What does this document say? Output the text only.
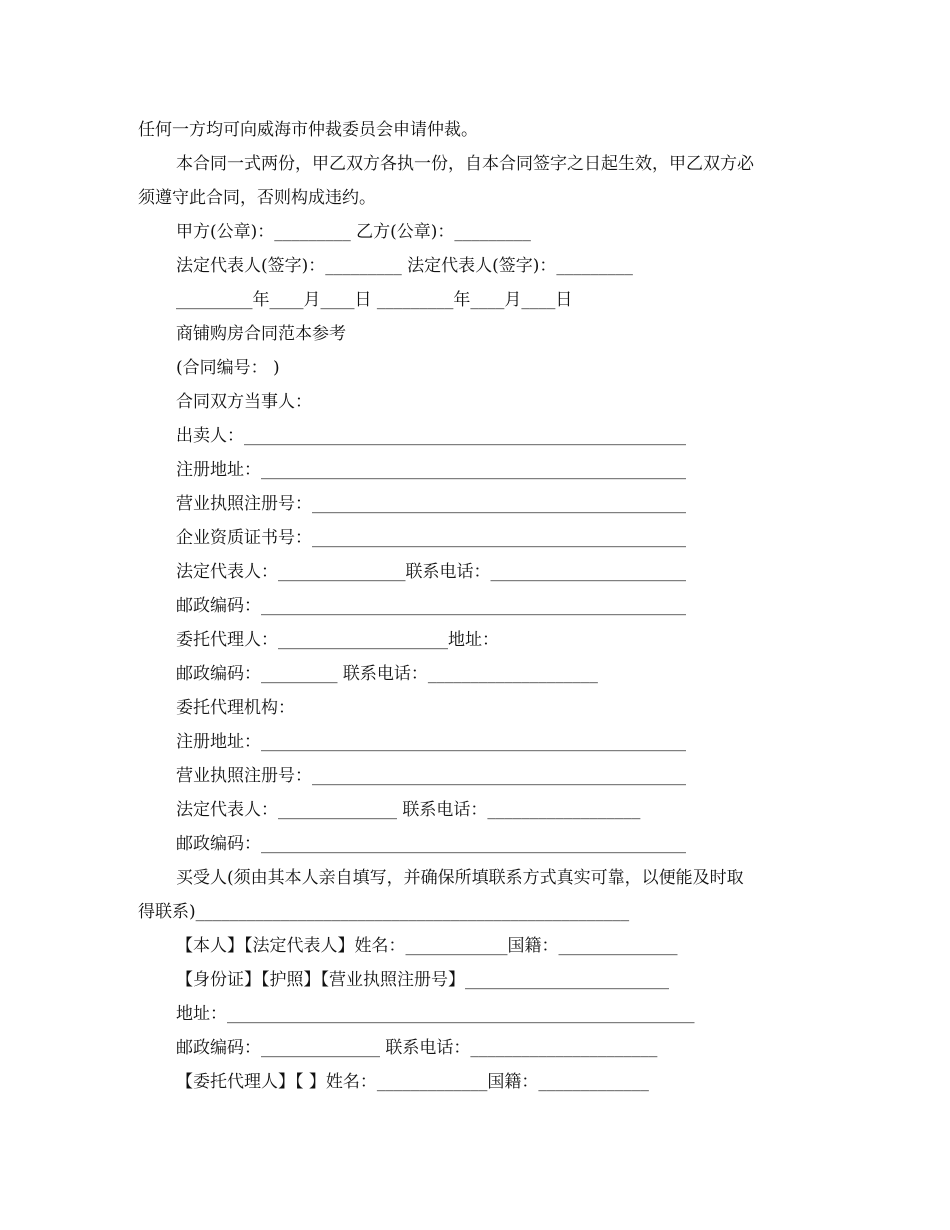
任何一方均可向威海市仲裁委员会申请仲裁。
本合同一式两份，甲乙双方各执一份，自本合同签字之日起生效，甲乙双方必
须遵守此合同，否则构成违约。
甲方(公章)：_________ 乙方(公章)：_________
法定代表人(签字)：_________ 法定代表人(签字)：_________
_________年____月____日 _________年____月____日
商铺购房合同范本参考
(合同编号： )
合同双方当事人：
出卖人：____________________________________________________
注册地址：__________________________________________________
营业执照注册号：____________________________________________
企业资质证书号：____________________________________________
法定代表人：_______________联系电话：_______________________
邮政编码：__________________________________________________
委托代理人：____________________地址：
邮政编码：_________ 联系电话：____________________
委托代理机构：
注册地址：__________________________________________________
营业执照注册号：____________________________________________
法定代表人：______________ 联系电话：__________________
邮政编码：__________________________________________________
买受人(须由其本人亲自填写，并确保所填联系方式真实可靠，以便能及时取
得联系)___________________________________________________
【本人】【法定代表人】姓名：____________国籍：______________
【身份证】【护照】【营业执照注册号】________________________
地址：_______________________________________________________
邮政编码：______________ 联系电话：______________________
【委托代理人】【 】姓名：_____________国籍：_____________
